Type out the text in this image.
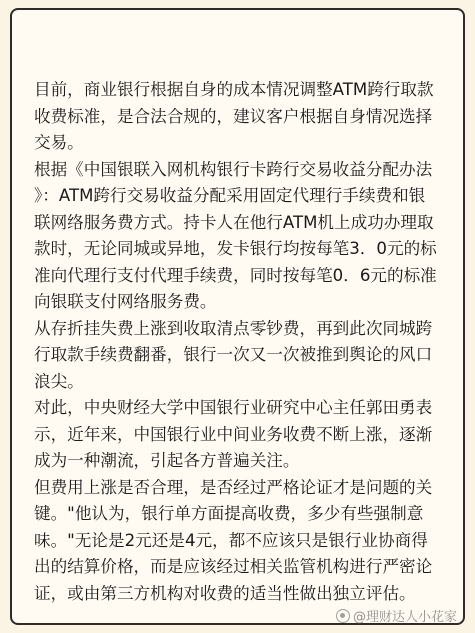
目前，商业银行根据自身的成本情况调整ATM跨行取款
收费标准，是合法合规的，建议客户根据自身情况选择
交易。

根据《中国银联入网机构银行卡跨行交易收益分配办法
》：ATM跨行交易收益分配采用固定代理行手续费和银
联网络服务费方式。持卡人在他行ATM机上成功办理取
款时，无论同城或异地，发卡银行均按每笔3．0元的标
准向代理行支付代理手续费，同时按每笔0．6元的标准
向银联支付网络服务费。

从存折挂失费上涨到收取清点零钞费，再到此次同城跨
行取款手续费翻番，银行一次又一次被推到舆论的风口
浪尖。

对此，中央财经大学中国银行业研究中心主任郭田勇表
示，近年来，中国银行业中间业务收费不断上涨，逐渐
成为一种潮流，引起各方普遍关注。

但费用上涨是否合理，是否经过严格论证才是问题的关
键。"他认为，银行单方面提高收费，多少有些强制意
味。"无论是2元还是4元，都不应该只是银行业协商得
出的结算价格，而是应该经过相关监管机构进行严密论
证，或由第三方机构对收费的适当性做出独立评估。

@理财达人小花家
